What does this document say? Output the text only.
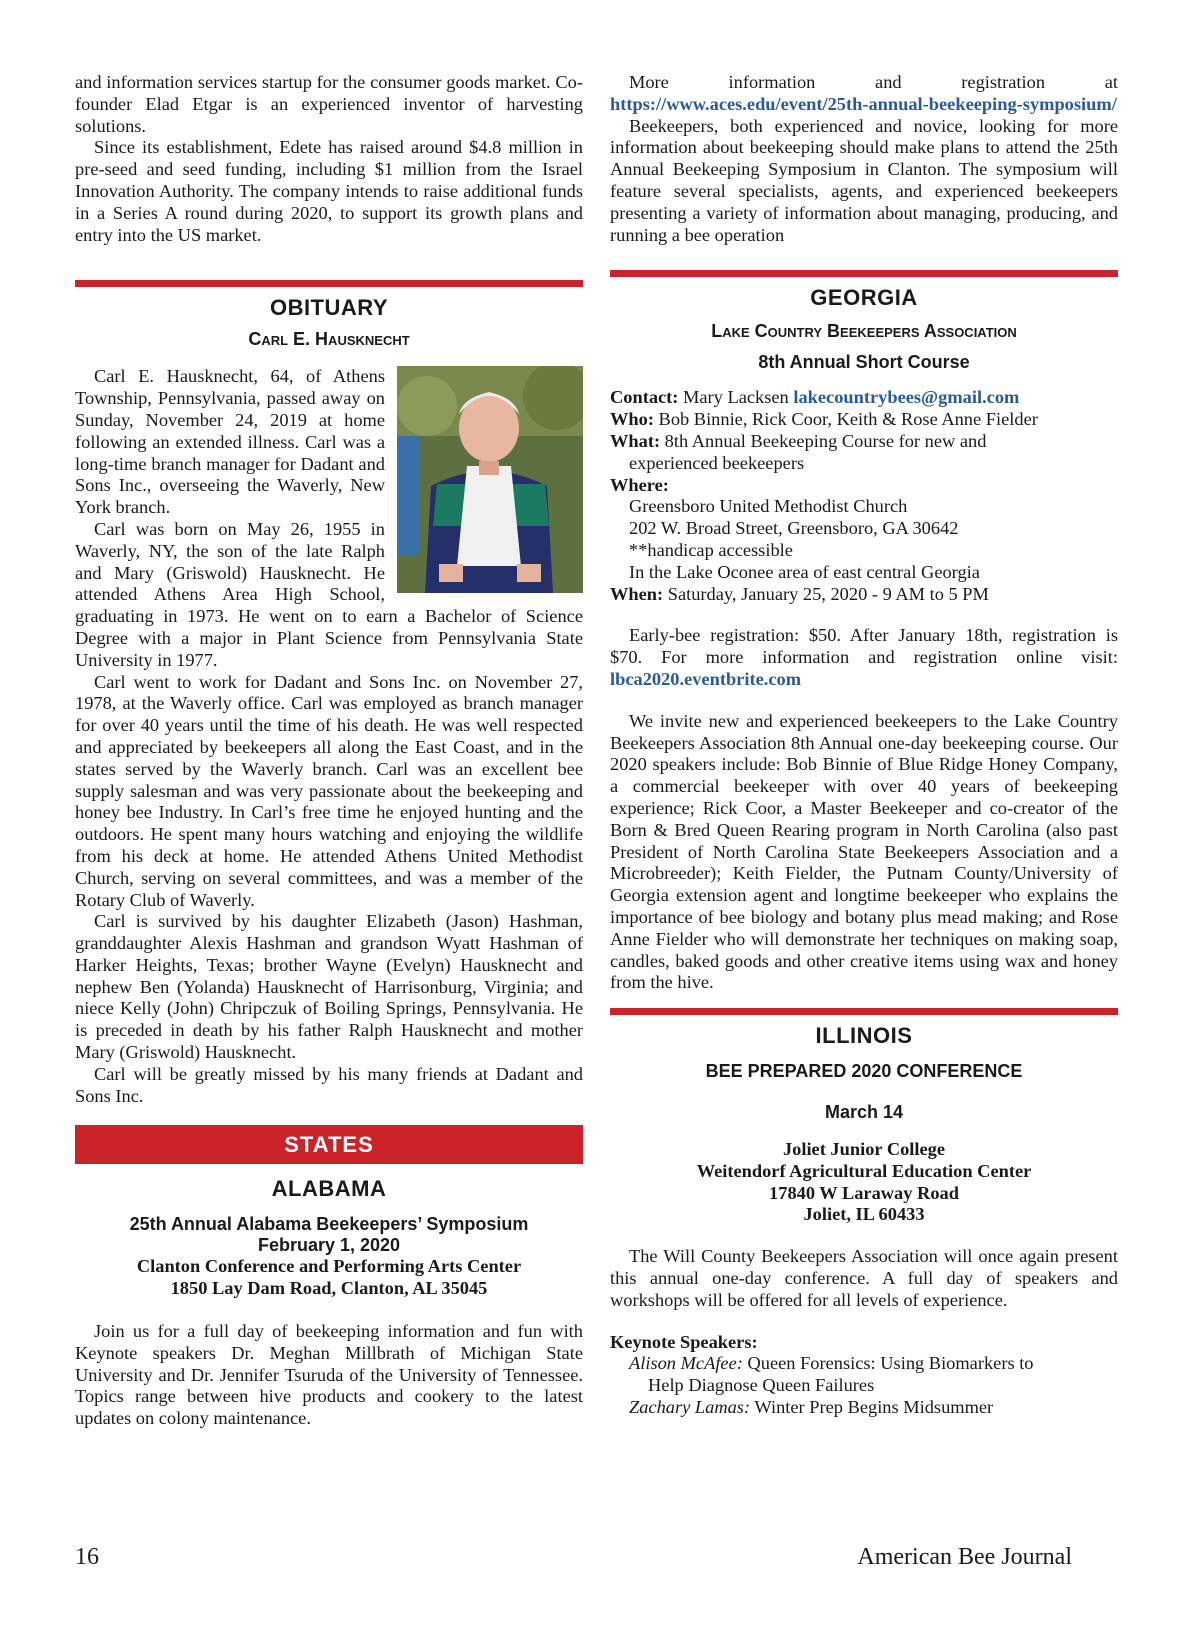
and information services startup for the consumer goods market. Co-founder Elad Etgar is an experienced inventor of harvesting solutions.

Since its establishment, Edete has raised around $4.8 million in pre-seed and seed funding, including $1 million from the Israel Innovation Authority. The company intends to raise additional funds in a Series A round during 2020, to support its growth plans and entry into the US market.

OBITUARY
Carl E. Hausknecht

Carl E. Hausknecht, 64, of Athens Township, Pennsylvania, passed away on Sunday, November 24, 2019 at home following an extended illness. Carl was a long-time branch manager for Dadant and Sons Inc., overseeing the Waverly, New York branch.

Carl was born on May 26, 1955 in Waverly, NY, the son of the late Ralph and Mary (Griswold) Hausknecht. He attended Athens Area High School, graduating in 1973. He went on to earn a Bachelor of Science Degree with a major in Plant Science from Pennsylvania State University in 1977.

Carl went to work for Dadant and Sons Inc. on November 27, 1978, at the Waverly office. Carl was employed as branch manager for over 40 years until the time of his death. He was well respected and appreciated by beekeepers all along the East Coast, and in the states served by the Waverly branch. Carl was an excellent bee supply salesman and was very passionate about the beekeeping and honey bee Industry. In Carl’s free time he enjoyed hunting and the outdoors. He spent many hours watching and enjoying the wildlife from his deck at home. He attended Athens United Methodist Church, serving on several committees, and was a member of the Rotary Club of Waverly.

Carl is survived by his daughter Elizabeth (Jason) Hashman, granddaughter Alexis Hashman and grandson Wyatt Hashman of Harker Heights, Texas; brother Wayne (Evelyn) Hausknecht and nephew Ben (Yolanda) Hausknecht of Harrisonburg, Virginia; and niece Kelly (John) Chripczuk of Boiling Springs, Pennsylvania. He is preceded in death by his father Ralph Hausknecht and mother Mary (Griswold) Hausknecht.

Carl will be greatly missed by his many friends at Dadant and Sons Inc.

STATES
ALABAMA
25th Annual Alabama Beekeepers’ Symposium
February 1, 2020
Clanton Conference and Performing Arts Center
1850 Lay Dam Road, Clanton, AL 35045

Join us for a full day of beekeeping information and fun with Keynote speakers Dr. Meghan Millbrath of Michigan State University and Dr. Jennifer Tsuruda of the University of Tennessee. Topics range between hive products and cookery to the latest updates on colony maintenance.

More information and registration at https://www.aces.edu/event/25th-annual-beekeeping-symposium/

Beekeepers, both experienced and novice, looking for more information about beekeeping should make plans to attend the 25th Annual Beekeeping Symposium in Clanton. The symposium will feature several specialists, agents, and experienced beekeepers presenting a variety of information about managing, producing, and running a bee operation

GEORGIA
Lake Country Beekeepers Association
8th Annual Short Course
Contact: Mary Lacksen lakecountrybees@gmail.com
Who: Bob Binnie, Rick Coor, Keith & Rose Anne Fielder
What: 8th Annual Beekeeping Course for new and
experienced beekeepers
Where:
Greensboro United Methodist Church
202 W. Broad Street, Greensboro, GA 30642
**handicap accessible
In the Lake Oconee area of east central Georgia
When: Saturday, January 25, 2020 - 9 AM to 5 PM

Early-bee registration: $50. After January 18th, registration is $70. For more information and registration online visit: lbca2020.eventbrite.com

We invite new and experienced beekeepers to the Lake Country Beekeepers Association 8th Annual one-day beekeeping course. Our 2020 speakers include: Bob Binnie of Blue Ridge Honey Company, a commercial beekeeper with over 40 years of beekeeping experience; Rick Coor, a Master Beekeeper and co-creator of the Born & Bred Queen Rearing program in North Carolina (also past President of North Carolina State Beekeepers Association and a Microbreeder); Keith Fielder, the Putnam County/University of Georgia extension agent and longtime beekeeper who explains the importance of bee biology and botany plus mead making; and Rose Anne Fielder who will demonstrate her techniques on making soap, candles, baked goods and other creative items using wax and honey from the hive.

ILLINOIS
BEE PREPARED 2020 CONFERENCE
March 14
Joliet Junior College
Weitendorf Agricultural Education Center
17840 W Laraway Road
Joliet, IL 60433

The Will County Beekeepers Association will once again present this annual one-day conference. A full day of speakers and workshops will be offered for all levels of experience.

Keynote Speakers:
Alison McAfee: Queen Forensics: Using Biomarkers to
Help Diagnose Queen Failures
Zachary Lamas: Winter Prep Begins Midsummer
16	American Bee Journal
